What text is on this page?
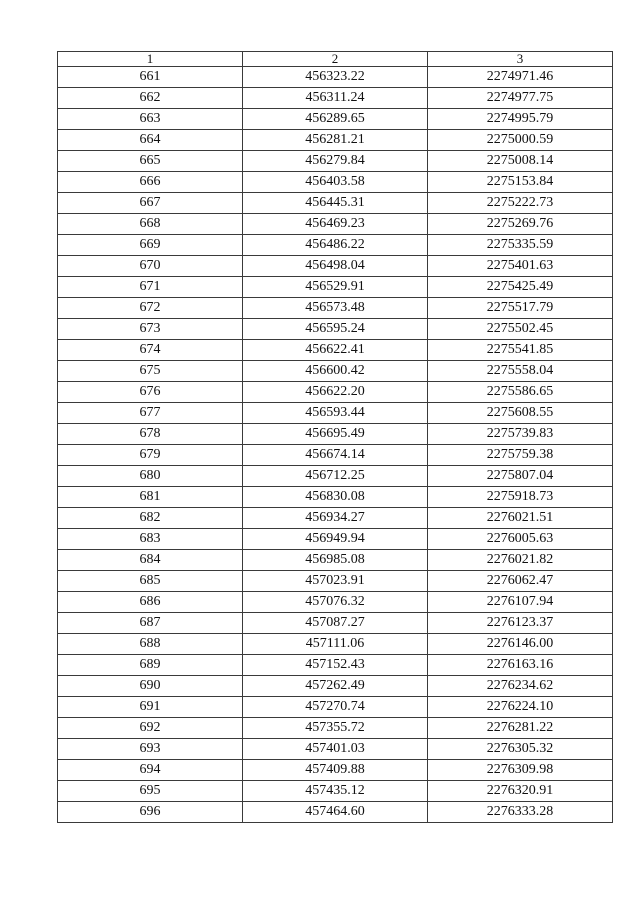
1	2	3
661	456323.22	2274971.46
662	456311.24	2274977.75
663	456289.65	2274995.79
664	456281.21	2275000.59
665	456279.84	2275008.14
666	456403.58	2275153.84
667	456445.31	2275222.73
668	456469.23	2275269.76
669	456486.22	2275335.59
670	456498.04	2275401.63
671	456529.91	2275425.49
672	456573.48	2275517.79
673	456595.24	2275502.45
674	456622.41	2275541.85
675	456600.42	2275558.04
676	456622.20	2275586.65
677	456593.44	2275608.55
678	456695.49	2275739.83
679	456674.14	2275759.38
680	456712.25	2275807.04
681	456830.08	2275918.73
682	456934.27	2276021.51
683	456949.94	2276005.63
684	456985.08	2276021.82
685	457023.91	2276062.47
686	457076.32	2276107.94
687	457087.27	2276123.37
688	457111.06	2276146.00
689	457152.43	2276163.16
690	457262.49	2276234.62
691	457270.74	2276224.10
692	457355.72	2276281.22
693	457401.03	2276305.32
694	457409.88	2276309.98
695	457435.12	2276320.91
696	457464.60	2276333.28
